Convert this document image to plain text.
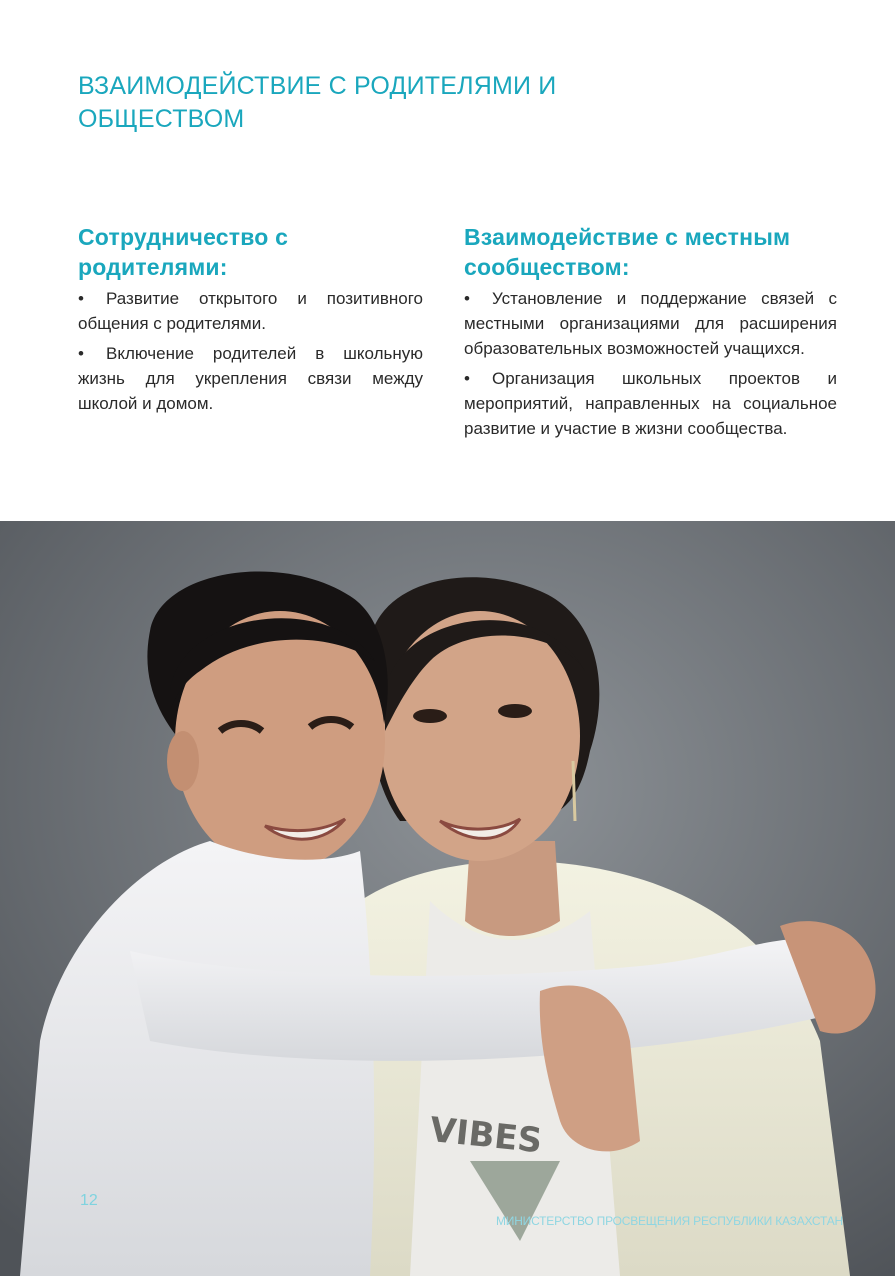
ВЗАИМОДЕЙСТВИЕ С РОДИТЕЛЯМИ И ОБЩЕСТВОМ
Сотрудничество с родителями:
• Развитие открытого и позитивного общения с родителями.
• Включение родителей в школьную жизнь для укрепления связи между школой и домом.
Взаимодействие с местным сообществом:
• Установление и поддержание связей с местными организациями для расширения образовательных возможностей учащихся.
• Организация школьных проектов и мероприятий, направленных на социальное развитие и участие в жизни сообщества.
VIBES
12
МИНИСТЕРСТВО ПРОСВЕЩЕНИЯ РЕСПУБЛИКИ КАЗАХСТАН
